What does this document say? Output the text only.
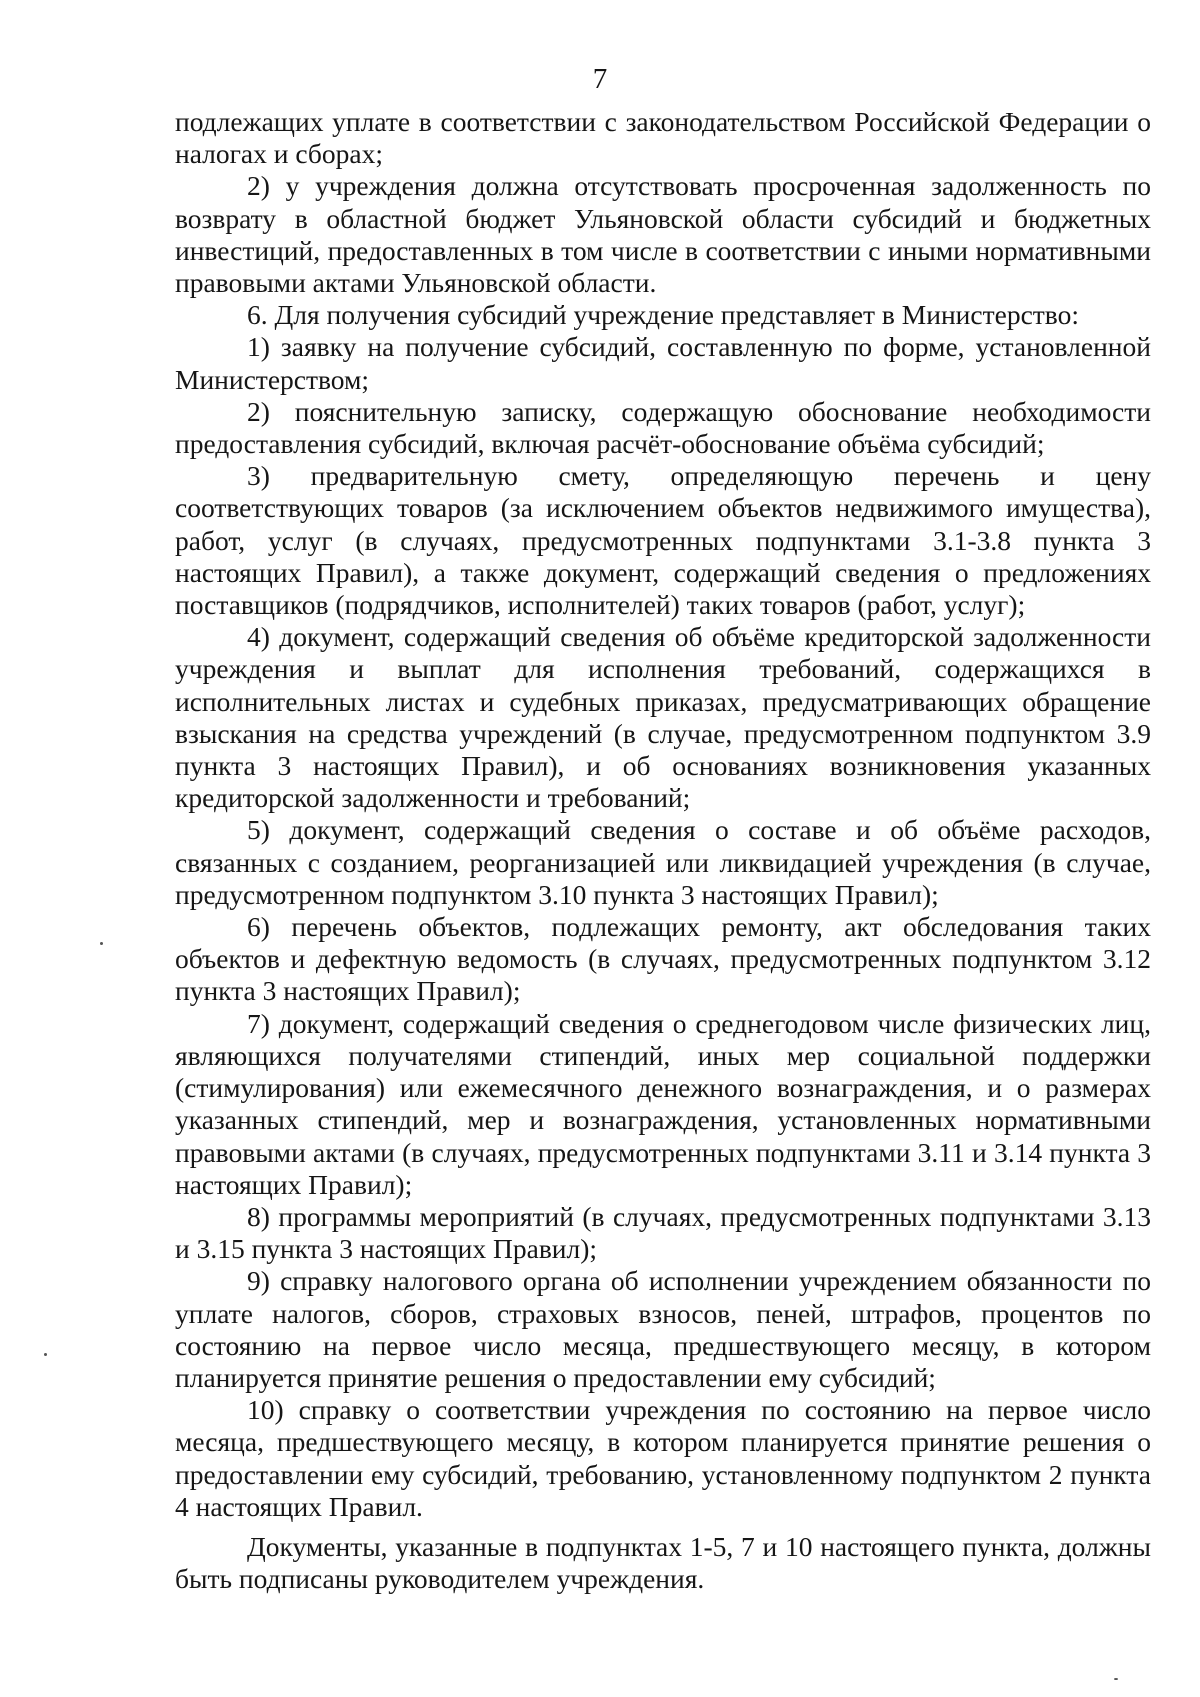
7

подлежащих уплате в соответствии с законодательством Российской Федерации о налогах и сборах;

2) у учреждения должна отсутствовать просроченная задолженность по возврату в областной бюджет Ульяновской области субсидий и бюджетных инвестиций, предоставленных в том числе в соответствии с иными нормативными правовыми актами Ульяновской области.

6. Для получения субсидий учреждение представляет в Министерство:

1) заявку на получение субсидий, составленную по форме, установленной Министерством;

2) пояснительную записку, содержащую обоснование необходимости предоставления субсидий, включая расчёт-обоснование объёма субсидий;

3) предварительную смету, определяющую перечень и цену соответствующих товаров (за исключением объектов недвижимого имущества), работ, услуг (в случаях, предусмотренных подпунктами 3.1-3.8 пункта 3 настоящих Правил), а также документ, содержащий сведения о предложениях поставщиков (подрядчиков, исполнителей) таких товаров (работ, услуг);

4) документ, содержащий сведения об объёме кредиторской задолженности учреждения и выплат для исполнения требований, содержащихся в исполнительных листах и судебных приказах, предусматривающих обращение взыскания на средства учреждений (в случае, предусмотренном подпунктом 3.9 пункта 3 настоящих Правил), и об основаниях возникновения указанных кредиторской задолженности и требований;

5) документ, содержащий сведения о составе и об объёме расходов, связанных с созданием, реорганизацией или ликвидацией учреждения (в случае, предусмотренном подпунктом 3.10 пункта 3 настоящих Правил);

6) перечень объектов, подлежащих ремонту, акт обследования таких объектов и дефектную ведомость (в случаях, предусмотренных подпунктом 3.12 пункта 3 настоящих Правил);

7) документ, содержащий сведения о среднегодовом числе физических лиц, являющихся получателями стипендий, иных мер социальной поддержки (стимулирования) или ежемесячного денежного вознаграждения, и о размерах указанных стипендий, мер и вознаграждения, установленных нормативными правовыми актами (в случаях, предусмотренных подпунктами 3.11 и 3.14 пункта 3 настоящих Правил);

8) программы мероприятий (в случаях, предусмотренных подпунктами 3.13 и 3.15 пункта 3 настоящих Правил);

9) справку налогового органа об исполнении учреждением обязанности по уплате налогов, сборов, страховых взносов, пеней, штрафов, процентов по состоянию на первое число месяца, предшествующего месяцу, в котором планируется принятие решения о предоставлении ему субсидий;

10) справку о соответствии учреждения по состоянию на первое число месяца, предшествующего месяцу, в котором планируется принятие решения о предоставлении ему субсидий, требованию, установленному подпунктом 2 пункта 4 настоящих Правил.

Документы, указанные в подпунктах 1-5, 7 и 10 настоящего пункта, должны быть подписаны руководителем учреждения.
